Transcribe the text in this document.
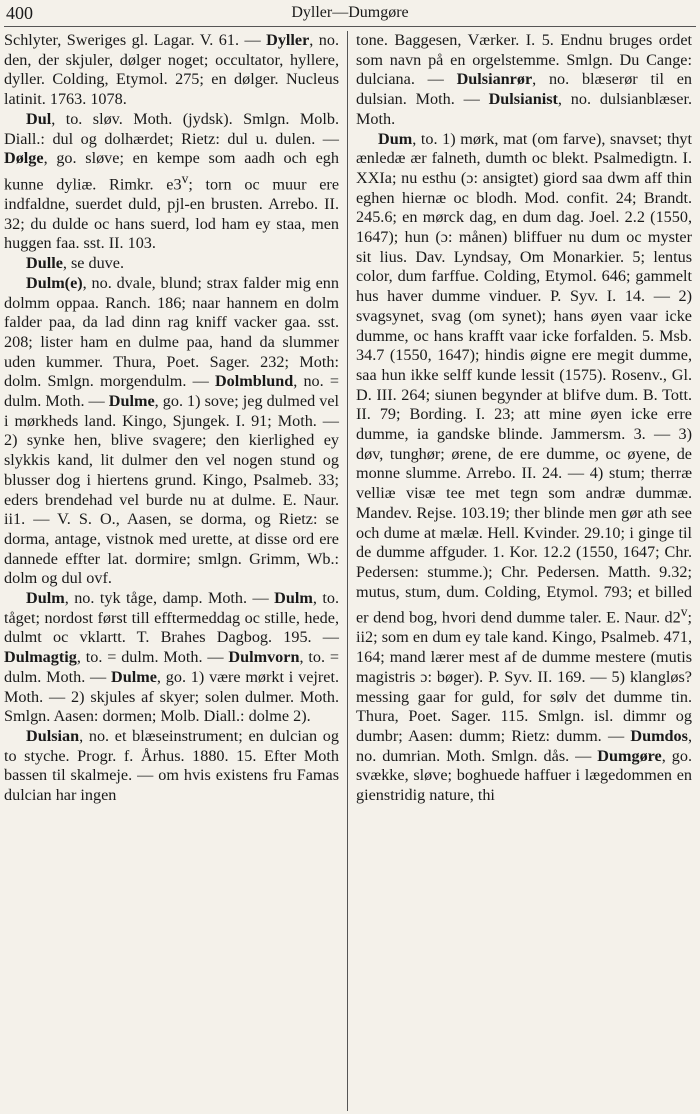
400	Dyller—Dumgøre

Schlyter, Sweriges gl. Lagar. V. 61. — Dyller, no. den, der skjuler, dølger noget; occultator, hyllere, dyller. Colding, Etymol. 275; en dølger. Nucleus latinit. 1763. 1078.

Dul, to. sløv. Moth. (jydsk). Smlgn. Molb. Diall.: dul og dolhærdet; Rietz: dul u. dulen. — Dølge, go. sløve; en kempe som aadh och egh kunne dyliæ. Rimkr. e3$^v$; torn oc muur ere indfaldne, suerdet duld, pjl-en brusten. Arrebo. II. 32; du dulde oc hans suerd, lod ham ey staa, men huggen faa. sst. II. 103.

Dulle, se duve.

Dulm(e), no. dvale, blund; strax falder mig enn dolmm oppaa. Ranch. 186; naar hannem en dolm falder paa, da lad dinn rag kniff vacker gaa. sst. 208; lister ham en dulme paa, hand da slummer uden kummer. Thura, Poet. Sager. 232; Moth: dolm. Smlgn. morgendulm. — Dolmblund, no. = dulm. Moth. — Dulme, go. 1) sove; jeg dulmed vel i mørkheds land. Kingo, Sjungek. I. 91; Moth. — 2) synke hen, blive svagere; den kierlighed ey slykkis kand, lit dulmer den vel nogen stund og blusser dog i hiertens grund. Kingo, Psalmeb. 33; eders brendehad vel burde nu at dulme. E. Naur. ii1. — V. S. O., Aasen, se dorma, og Rietz: se dorma, antage, vistnok med urette, at disse ord ere dannede effter lat. dormire; smlgn. Grimm, Wb.: dolm og dul ovf.

Dulm, no. tyk tåge, damp. Moth. — Dulm, to. tåget; nordost først till efftermeddag oc stille, hede, dulmt oc vklartt. T. Brahes Dagbog. 195. — Dulmagtig, to. = dulm. Moth. — Dulmvorn, to. = dulm. Moth. — Dulme, go. 1) være mørkt i vejret. Moth. — 2) skjules af skyer; solen dulmer. Moth. Smlgn. Aasen: dormen; Molb. Diall.: dolme 2).

Dulsian, no. et blæseinstrument; en dulcian og to styche. Progr. f. Århus. 1880. 15. Efter Moth bassen til skalmeje. — om hvis existens fru Famas dulcian har ingen

tone. Baggesen, Værker. I. 5. Endnu bruges ordet som navn på en orgelstemme. Smlgn. Du Cange: dulciana. — Dulsianrør, no. blæserør til en dulsian. Moth. — Dulsianist, no. dulsianblæser. Moth.

Dum, to. 1) mørk, mat (om farve), snavset; thyt ænledæ ær falneth, dumth oc blekt. Psalmedigtn. I. XXIa; nu esthu (ɔ: ansigtet) giord saa dwm aff thin eghen hiernæ oc blodh. Mod. confit. 24; Brandt. 245.6; en mørck dag, en dum dag. Joel. 2.2 (1550, 1647); hun (ɔ: månen) bliffuer nu dum oc myster sit lius. Dav. Lyndsay, Om Monarkier. 5; lentus color, dum farffue. Colding, Etymol. 646; gammelt hus haver dumme vinduer. P. Syv. I. 14. — 2) svagsynet, svag (om synet); hans øyen vaar icke dumme, oc hans krafft vaar icke forfalden. 5. Msb. 34.7 (1550, 1647); hindis øigne ere megit dumme, saa hun ikke selff kunde lessit (1575). Rosenv., Gl. D. III. 264; siunen begynder at blifve dum. B. Tott. II. 79; Bording. I. 23; att mine øyen icke erre dumme, ia gandske blinde. Jammersm. 3. — 3) døv, tunghør; ørene, de ere dumme, oc øyene, de monne slumme. Arrebo. II. 24. — 4) stum; therræ velliæ visæ tee met tegn som andræ dummæ. Mandev. Rejse. 103.19; ther blinde men gør ath see och dume at mælæ. Hell. Kvinder. 29.10; i ginge til de dumme affguder. 1. Kor. 12.2 (1550, 1647; Chr. Pedersen: stumme.); Chr. Pedersen. Matth. 9.32; mutus, stum, dum. Colding, Etymol. 793; et billed er dend bog, hvori dend dumme taler. E. Naur. d2$^v$; ii2; som en dum ey tale kand. Kingo, Psalmeb. 471, 164; mand lærer mest af de dumme mestere (mutis magistris ɔ: bøger). P. Syv. II. 169. — 5) klangløs? messing gaar for guld, for sølv det dumme tin. Thura, Poet. Sager. 115. Smlgn. isl. dimmr og dumbr; Aasen: dumm; Rietz: dumm. — Dumdos, no. dumrian. Moth. Smlgn. dås. — Dumgøre, go. svække, sløve; boghuede haffuer i lægedommen en gienstridig nature, thi
